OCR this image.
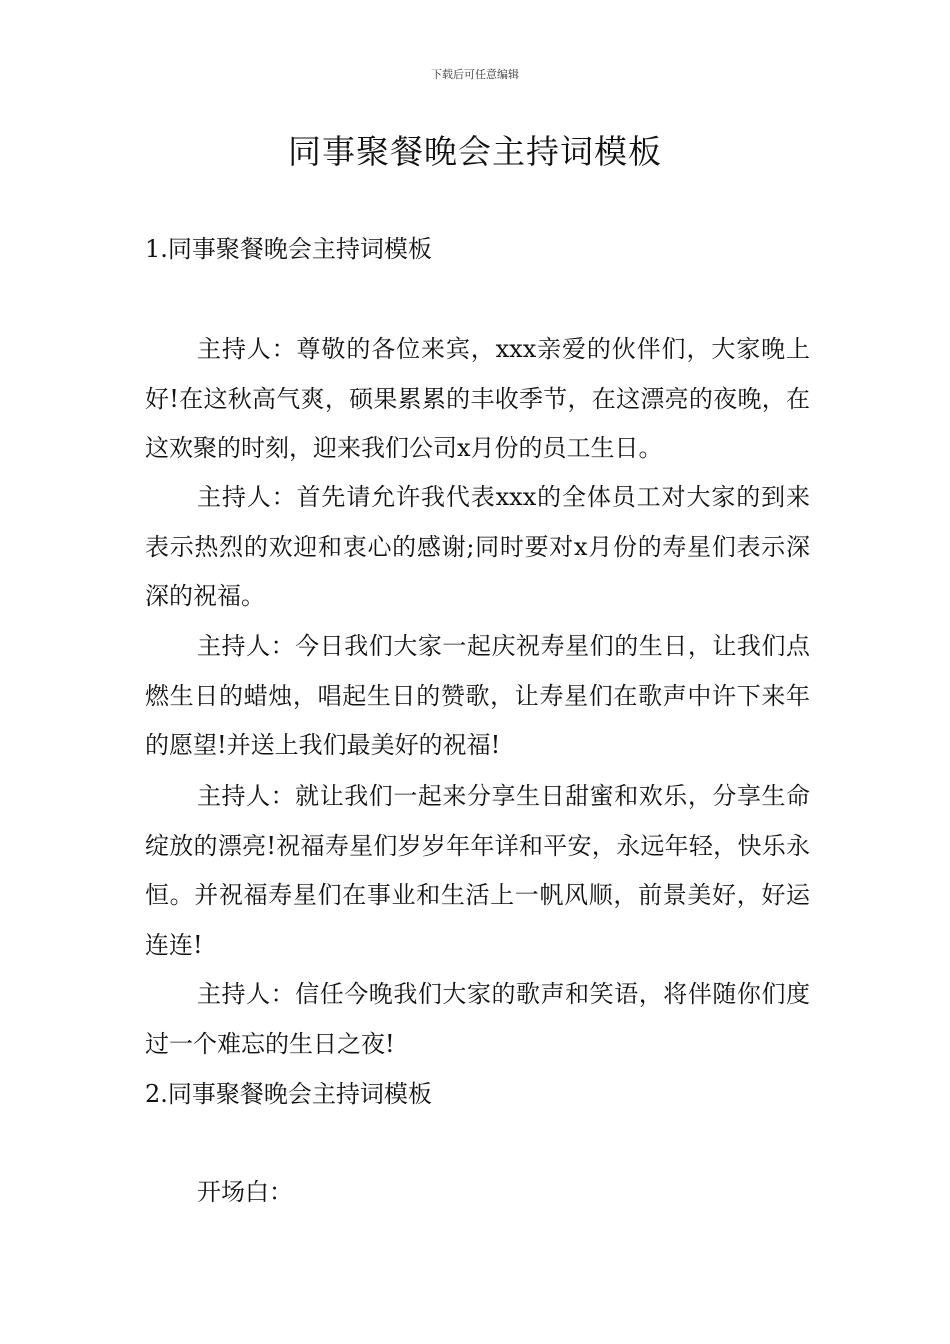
下载后可任意编辑
同事聚餐晚会主持词模板
1.同事聚餐晚会主持词模板
主持人：尊敬的各位来宾，xxx亲爱的伙伴们，大家晚上好!在这秋高气爽，硕果累累的丰收季节，在这漂亮的夜晚，在这欢聚的时刻，迎来我们公司x月份的员工生日。
主持人：首先请允许我代表xxx的全体员工对大家的到来表示热烈的欢迎和衷心的感谢;同时要对x月份的寿星们表示深深的祝福。
主持人：今日我们大家一起庆祝寿星们的生日，让我们点燃生日的蜡烛，唱起生日的赞歌，让寿星们在歌声中许下来年的愿望!并送上我们最美好的祝福!
主持人：就让我们一起来分享生日甜蜜和欢乐，分享生命绽放的漂亮!祝福寿星们岁岁年年详和平安，永远年轻，快乐永恒。并祝福寿星们在事业和生活上一帆风顺，前景美好，好运连连!
主持人：信任今晚我们大家的歌声和笑语，将伴随你们度过一个难忘的生日之夜!
2.同事聚餐晚会主持词模板
开场白：
